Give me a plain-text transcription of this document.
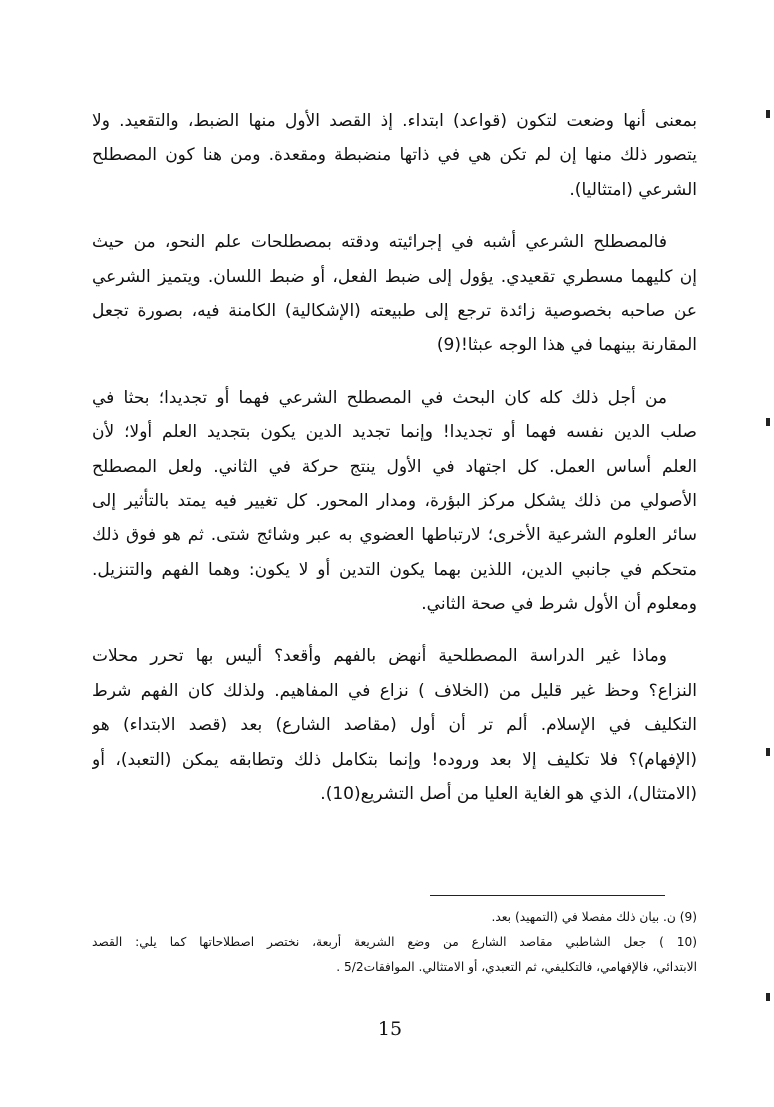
بمعنى أنها وضعت لتكون (قواعد) ابتداء. إذ القصد الأول منها الضبط، والتقعيد. ولا
يتصور ذلك منها إن لم تكن هي في ذاتها منضبطة ومقعدة. ومن هنا كون المصطلح
الشرعي (امتثاليا).
فالمصطلح الشرعي أشبه في إجرائيته ودقته بمصطلحات علم النحو، من حيث
إن كليهما مسطري تقعيدي. يؤول إلى ضبط الفعل، أو ضبط اللسان. ويتميز الشرعي
عن صاحبه بخصوصية زائدة ترجع إلى طبيعته (الإشكالية) الكامنة فيه، بصورة تجعل
المقارنة بينهما في هذا الوجه عبثا!(9)
من أجل ذلك كله كان البحث في المصطلح الشرعي فهما أو تجديدا؛ بحثا في
صلب الدين نفسه فهما أو تجديدا! وإنما تجديد الدين يكون بتجديد العلم أولا؛ لأن
العلم أساس العمل. كل اجتهاد في الأول ينتج حركة في الثاني. ولعل المصطلح
الأصولي من ذلك يشكل مركز البؤرة، ومدار المحور. كل تغيير فيه يمتد بالتأثير إلى
سائر العلوم الشرعية الأخرى؛ لارتباطها العضوي به عبر وشائج شتى. ثم هو فوق ذلك
متحكم في جانبي الدين، اللذين بهما يكون التدين أو لا يكون: وهما الفهم والتنزيل.
ومعلوم أن الأول شرط في صحة الثاني.
وماذا غير الدراسة المصطلحية أنهض بالفهم وأقعد؟ أليس بها تحرر محلات
النزاع؟ وحظ غير قليل من (الخلاف ) نزاع في المفاهيم. ولذلك كان الفهم شرط
التكليف في الإسلام. ألم تر أن أول (مقاصد الشارع) بعد (قصد الابتداء) هو
(الإفهام)؟ فلا تكليف إلا بعد وروده! وإنما بتكامل ذلك وتطابقه يمكن (التعبد)، أو
(الامتثال)، الذي هو الغاية العليا من أصل التشريع(10).
(9) ن. بيان ذلك مفصلا في (التمهيد) بعد.
(10 ) جعل الشاطبي مقاصد الشارع من وضع الشريعة أربعة، نختصر اصطلاحاتها كما يلي: القصد
الابتدائي، فالإفهامي، فالتكليفي، ثم التعبدي، أو الامتثالي. الموافقات5/2 .
15
